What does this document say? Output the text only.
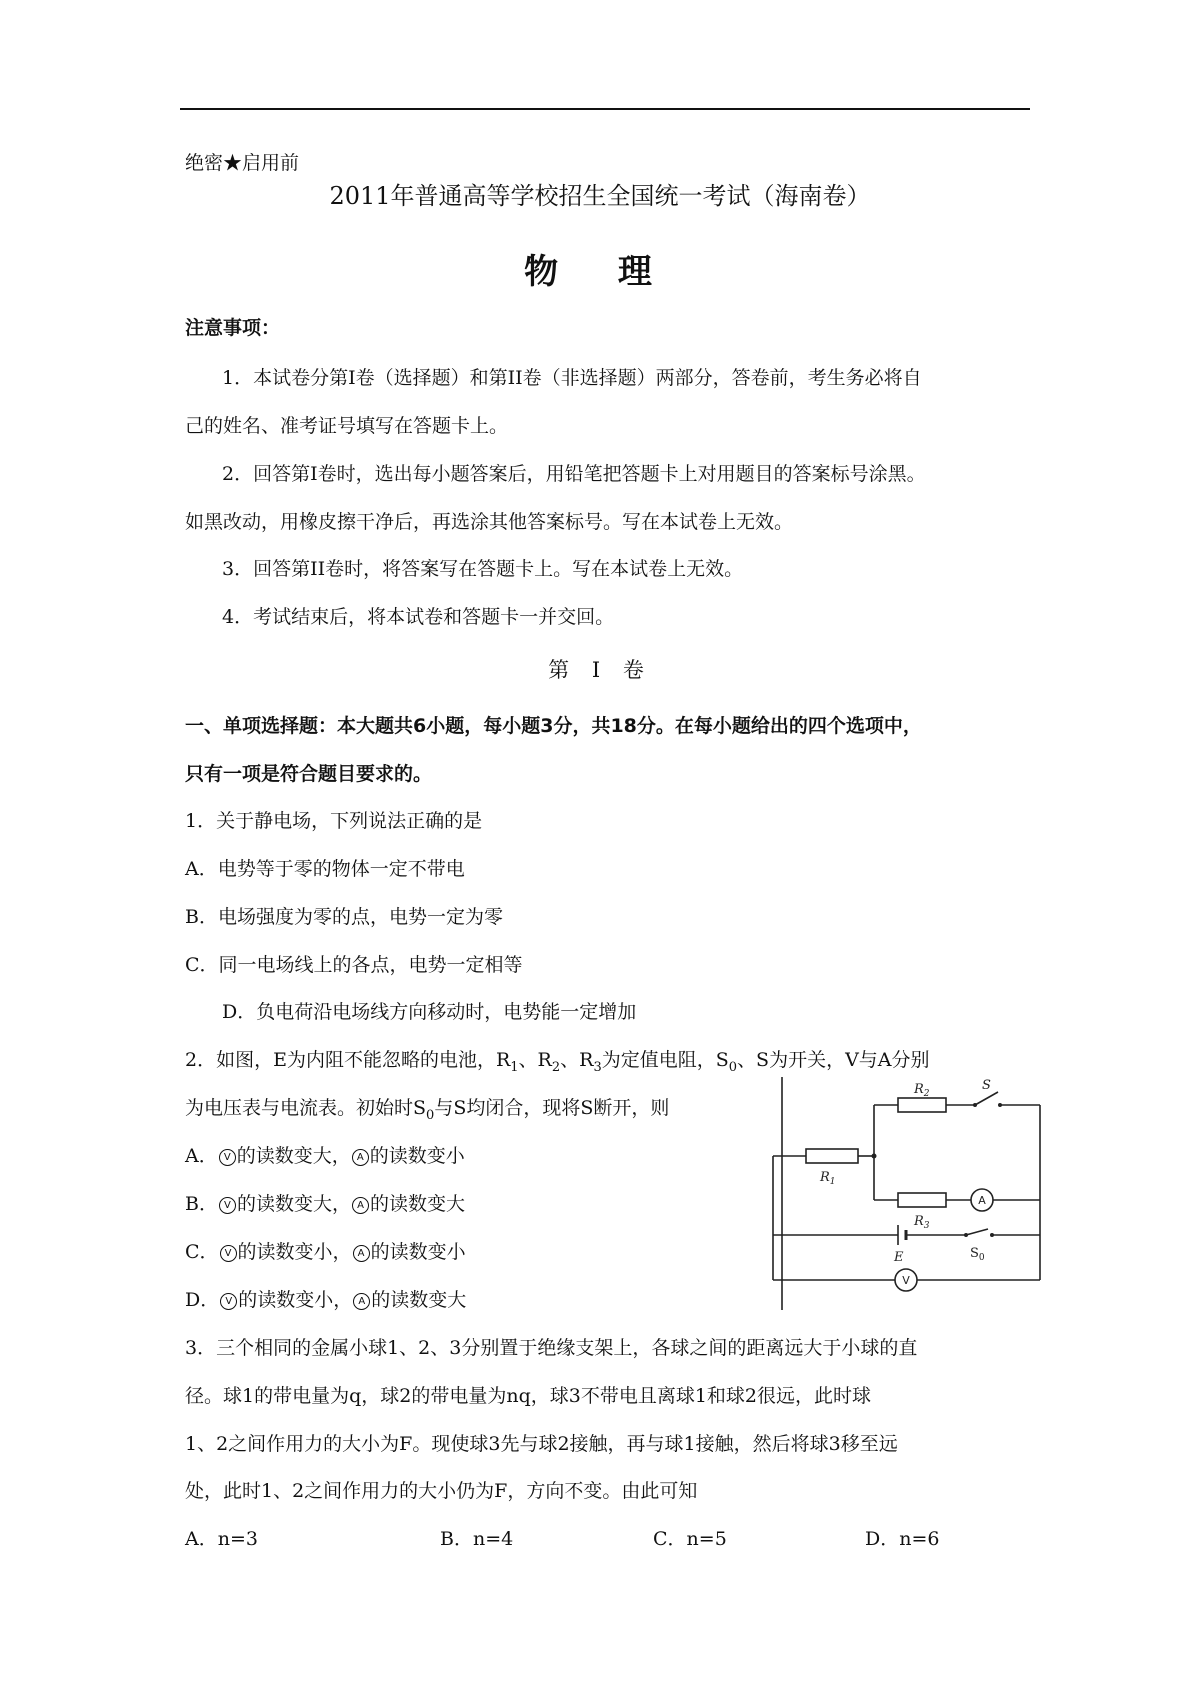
绝密★启用前
2011年普通高等学校招生全国统一考试（海南卷）
物 理
注意事项：
1．本试卷分第I卷（选择题）和第II卷（非选择题）两部分，答卷前，考生务必将自
己的姓名、准考证号填写在答题卡上。
2．回答第I卷时，选出每小题答案后，用铅笔把答题卡上对用题目的答案标号涂黑。
如黑改动，用橡皮擦干净后，再选涂其他答案标号。写在本试卷上无效。
3．回答第II卷时，将答案写在答题卡上。写在本试卷上无效。
4．考试结束后，将本试卷和答题卡一并交回。
第 Ⅰ 卷
一、单项选择题：本大题共6小题，每小题3分，共18分。在每小题给出的四个选项中，
只有一项是符合题目要求的。
1．关于静电场，下列说法正确的是
A．电势等于零的物体一定不带电
B．电场强度为零的点，电势一定为零
C．同一电场线上的各点，电势一定相等
D．负电荷沿电场线方向移动时，电势能一定增加
2．如图，E为内阻不能忽略的电池，$R_1$、$R_2$、$R_3$为定值电阻，$S_0$、S为开关，V与A分别
为电压表与电流表。初始时$S_0$与S均闭合，现将S断开，则
A． V 的读数变大， A 的读数变小
B． V 的读数变大， A 的读数变大
C． V 的读数变小， A 的读数变小
D． V 的读数变小， A 的读数变大
$R_1$
$R_2$
$R_3$
S
E	$S_0$
A
V
3．三个相同的金属小球1、2、3分别置于绝缘支架上，各球之间的距离远大于小球的直
径。球1的带电量为q，球2的带电量为nq，球3不带电且离球1和球2很远，此时球
1、2之间作用力的大小为F。现使球3先与球2接触，再与球1接触，然后将球3移至远
处，此时1、2之间作用力的大小仍为F，方向不变。由此可知
A．n=3	B．n=4	C．n=5	D．n=6
